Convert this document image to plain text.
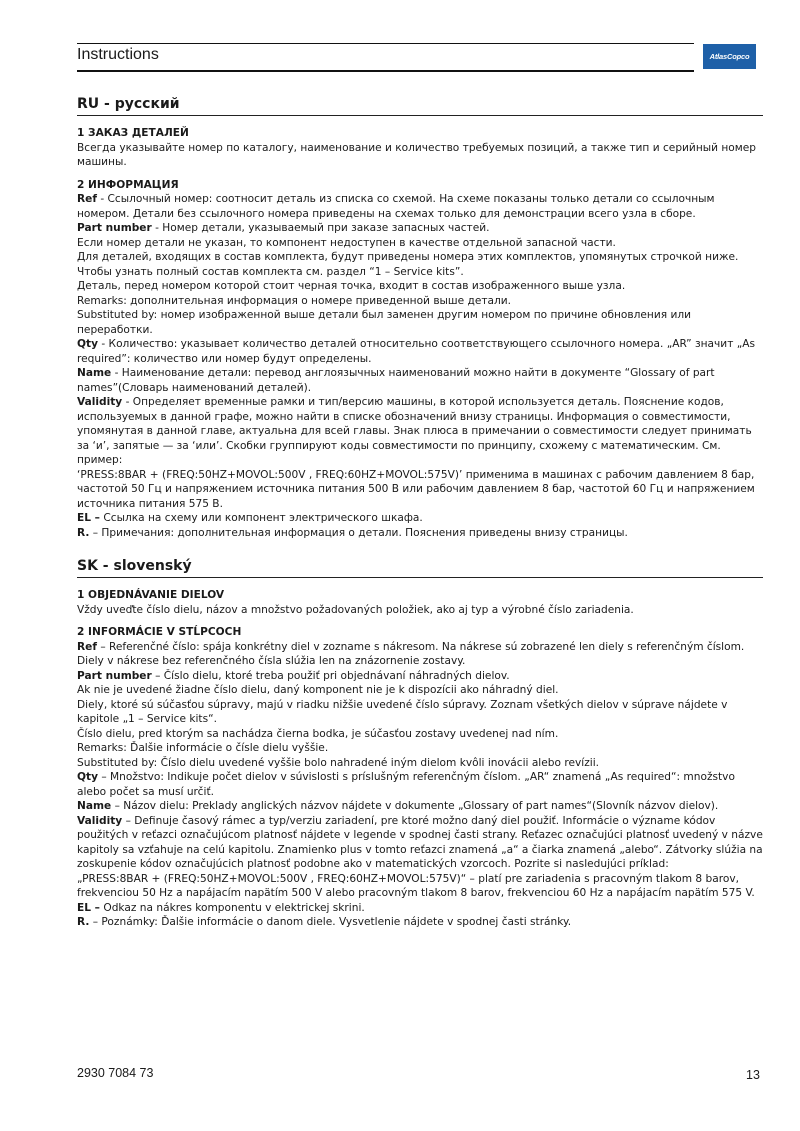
Instructions	AtlasCopco
RU - русский
1 ЗАКАЗ ДЕТАЛЕЙ

Всегда указывайте номер по каталогу, наименование и количество требуемых позиций, а также тип и серийный номер машины.

2 ИНФОРМАЦИЯ

Ref - Ссылочный номер: соотносит деталь из списка со схемой. На схеме показаны только детали со ссылочным номером. Детали без ссылочного номера приведены на схемах только для демонстрации всего узла в сборе.

Part number - Номер детали, указываемый при заказе запасных частей.

Если номер детали не указан, то компонент недоступен в качестве отдельной запасной части.

Для деталей, входящих в состав комплекта, будут приведены номера этих комплектов, упомянутых строчкой ниже. Чтобы узнать полный состав комплекта см. раздел “1 – Service kits”.

Деталь, перед номером которой стоит черная точка, входит в состав изображенного выше узла.

Remarks: дополнительная информация о номере приведенной выше детали.

Substituted by: номер изображенной выше детали был заменен другим номером по причине обновления или переработки.

Qty - Количество: указывает количество деталей относительно соответствующего ссылочного номера. „AR” значит „As required”: количество или номер будут определены.

Name - Наименование детали: перевод англоязычных наименований можно найти в документе “Glossary of part names”(Словарь наименований деталей).

Validity - Определяет временные рамки и тип/версию машины, в которой используется деталь. Пояснение кодов, используемых в данной графе, можно найти в списке обозначений внизу страницы. Информация о совместимости, упомянутая в данной главе, актуальна для всей главы. Знак плюса в примечании о совместимости следует принимать за ‘и’, запятые — за ‘или’. Скобки группируют коды совместимости по принципу, схожему с математическим. См. пример:

‘PRESS:8BAR + (FREQ:50HZ+MOVOL:500V , FREQ:60HZ+MOVOL:575V)’ применима в машинах с рабочим давлением 8 бар, частотой 50 Гц и напряжением источника питания 500 В или рабочим давлением 8 бар, частотой 60 Гц и напряжением источника питания 575 В.

EL – Ссылка на схему или компонент электрического шкафа.

R. – Примечания: дополнительная информация о детали. Пояснения приведены внизу страницы.

SK - slovenský
1 OBJEDNÁVANIE DIELOV

Vždy uveďte číslo dielu, názov a množstvo požadovaných položiek, ako aj typ a výrobné číslo zariadenia.

2 INFORMÁCIE V STĹPCOCH

Ref – Referenčné číslo: spája konkrétny diel v zozname s nákresom. Na nákrese sú zobrazené len diely s referenčným číslom. Diely v nákrese bez referenčného čísla slúžia len na znázornenie zostavy.

Part number – Číslo dielu, ktoré treba použiť pri objednávaní náhradných dielov.

Ak nie je uvedené žiadne číslo dielu, daný komponent nie je k dispozícii ako náhradný diel.

Diely, ktoré sú súčasťou súpravy, majú v riadku nižšie uvedené číslo súpravy. Zoznam všetkých dielov v súprave nájdete v kapitole „1 – Service kits“.

Číslo dielu, pred ktorým sa nachádza čierna bodka, je súčasťou zostavy uvedenej nad ním.

Remarks: Ďalšie informácie o čísle dielu vyššie.

Substituted by: Číslo dielu uvedené vyššie bolo nahradené iným dielom kvôli inovácii alebo revízii.

Qty – Množstvo: Indikuje počet dielov v súvislosti s príslušným referenčným číslom. „AR“ znamená „As required“: množstvo alebo počet sa musí určiť.

Name – Názov dielu: Preklady anglických názvov nájdete v dokumente „Glossary of part names“(Slovník názvov dielov).

Validity – Definuje časový rámec a typ/verziu zariadení, pre ktoré možno daný diel použiť. Informácie o význame kódov použitých v reťazci označujúcom platnosť nájdete v legende v spodnej časti strany. Reťazec označujúci platnosť uvedený v názve kapitoly sa vzťahuje na celú kapitolu. Znamienko plus v tomto reťazci znamená „a“ a čiarka znamená „alebo“. Zátvorky slúžia na zoskupenie kódov označujúcich platnosť podobne ako v matematických vzorcoch. Pozrite si nasledujúci príklad:

„PRESS:8BAR + (FREQ:50HZ+MOVOL:500V , FREQ:60HZ+MOVOL:575V)“ – platí pre zariadenia s pracovným tlakom 8 barov, frekvenciou 50 Hz a napájacím napätím 500 V alebo pracovným tlakom 8 barov, frekvenciou 60 Hz a napájacím napätím 575 V.

EL – Odkaz na nákres komponentu v elektrickej skrini.

R. – Poznámky: Ďalšie informácie o danom diele. Vysvetlenie nájdete v spodnej časti stránky.

2930 7084 73	13
